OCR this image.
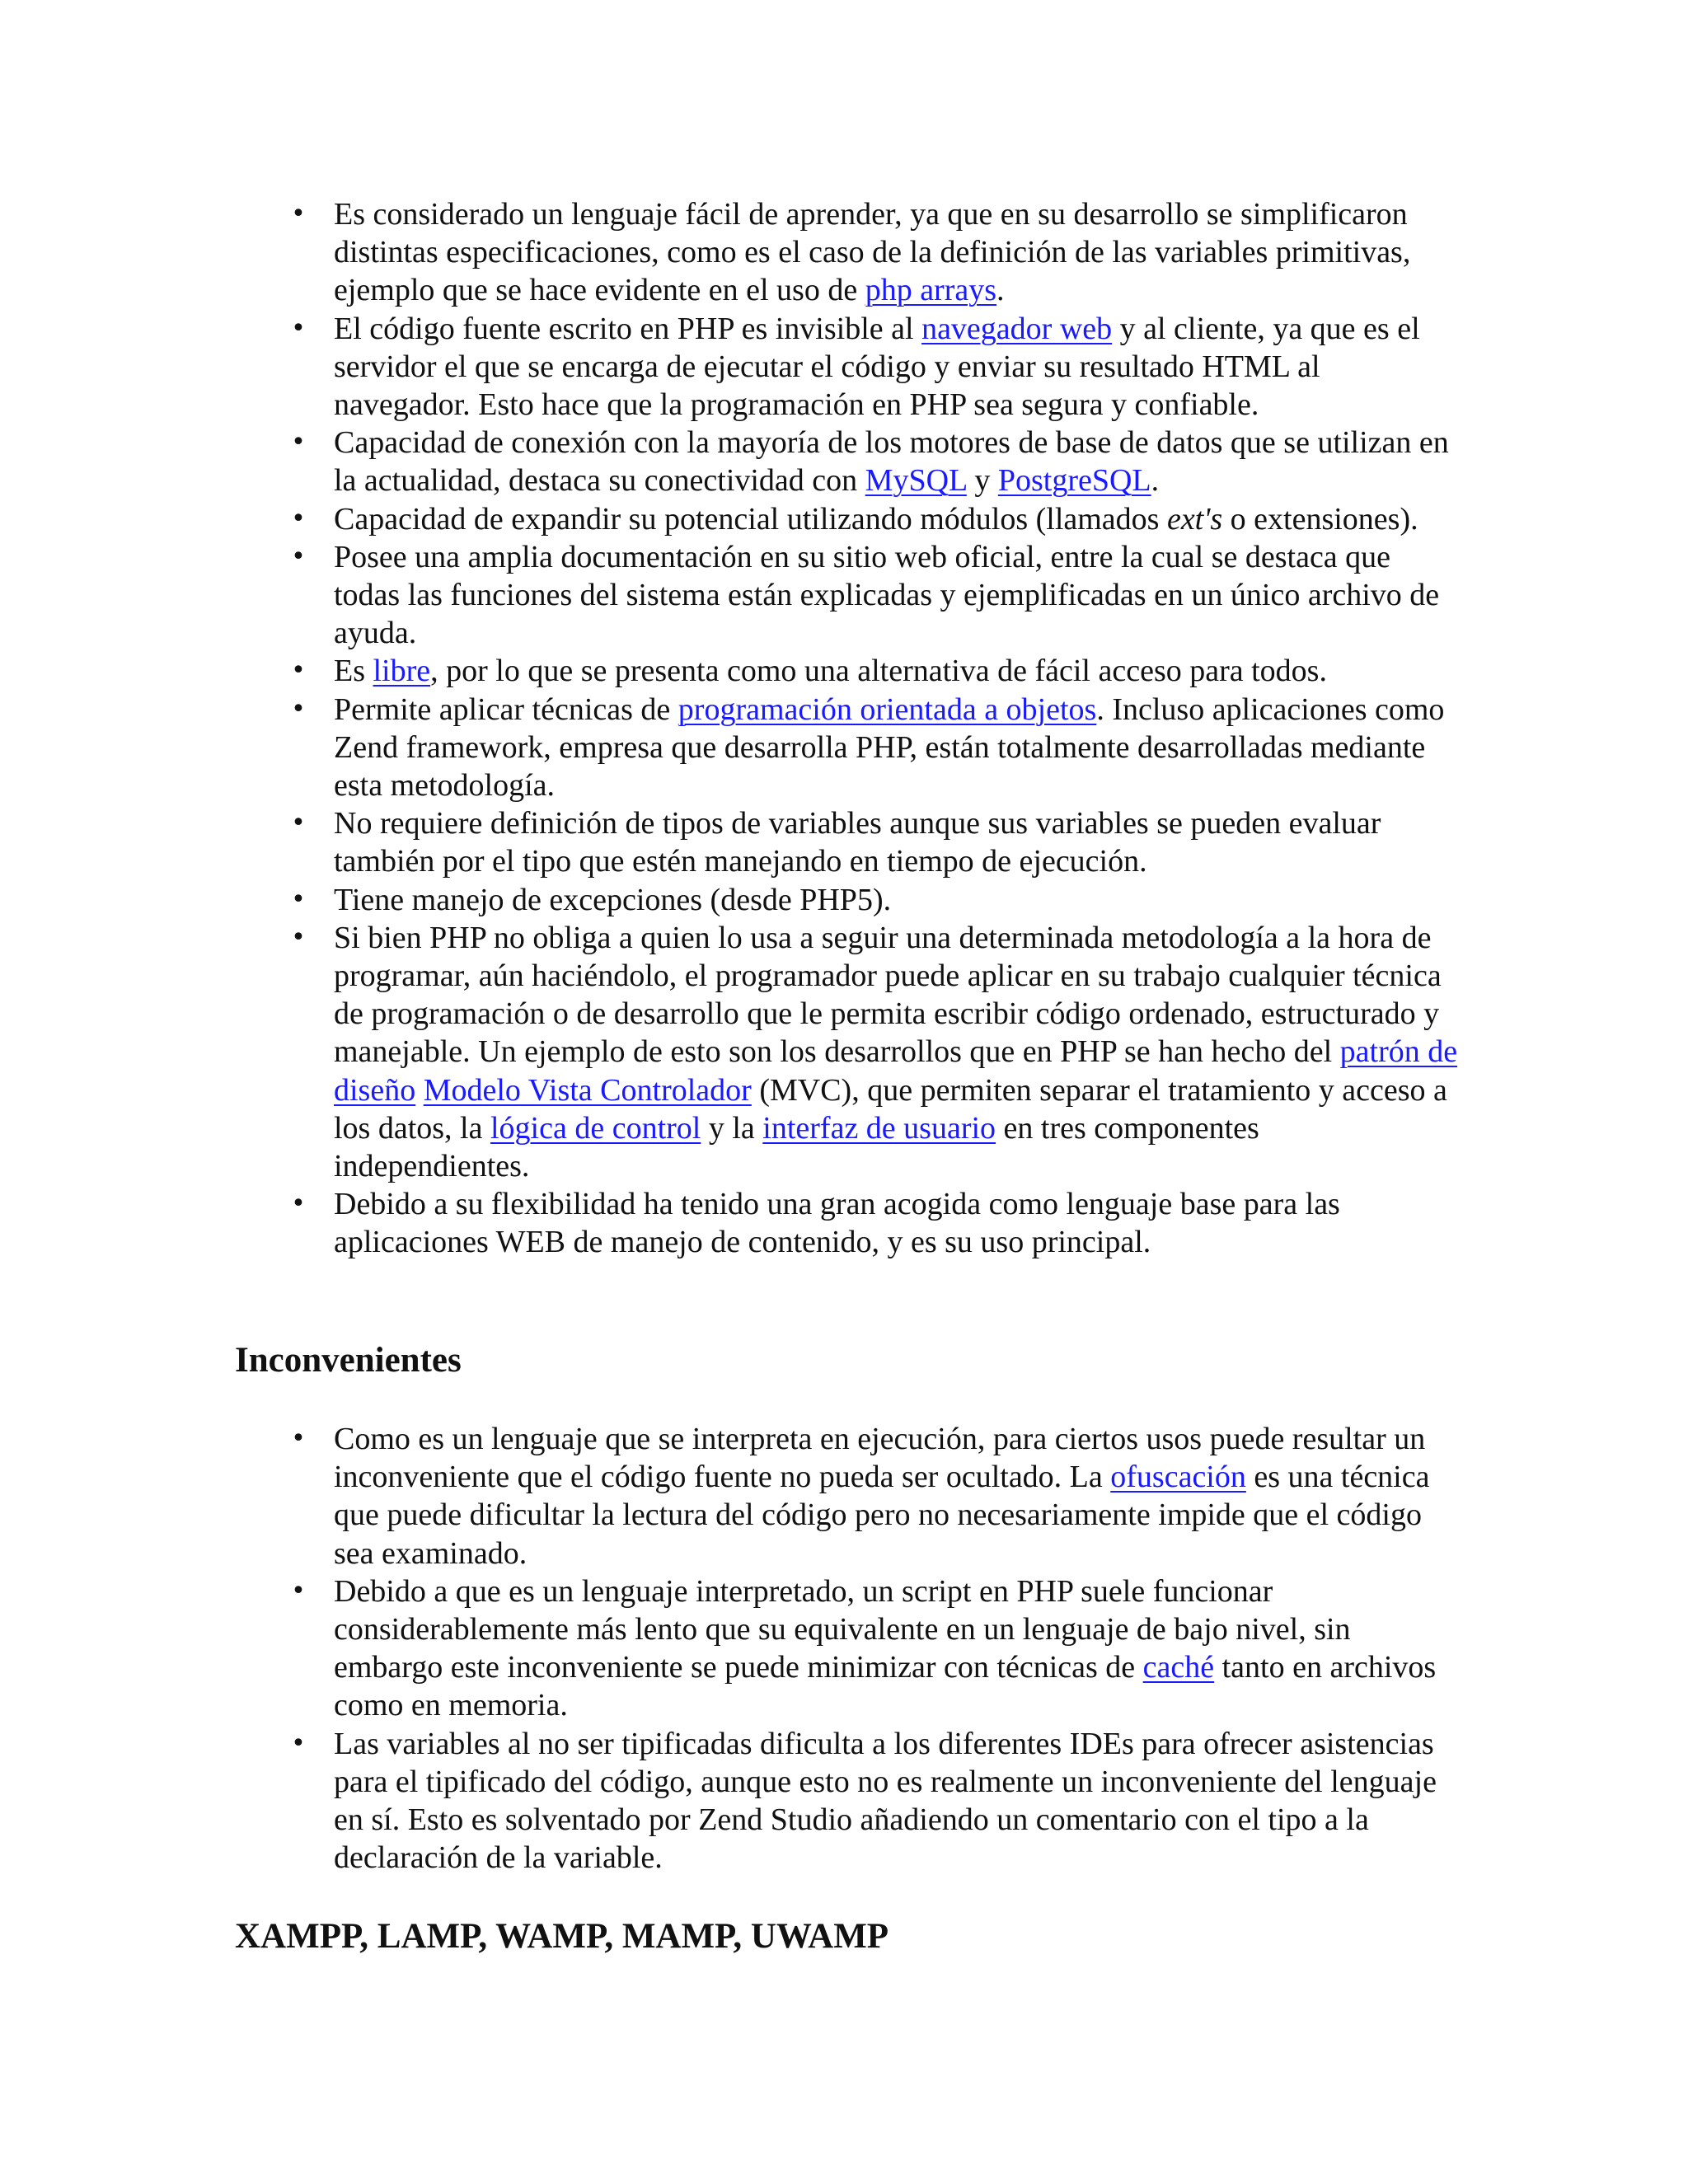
• Es considerado un lenguaje fácil de aprender, ya que en su desarrollo se simplificaron distintas especificaciones, como es el caso de la definición de las variables primitivas, ejemplo que se hace evidente en el uso de php arrays.
• El código fuente escrito en PHP es invisible al navegador web y al cliente, ya que es el servidor el que se encarga de ejecutar el código y enviar su resultado HTML al navegador. Esto hace que la programación en PHP sea segura y confiable.
• Capacidad de conexión con la mayoría de los motores de base de datos que se utilizan en la actualidad, destaca su conectividad con MySQL y PostgreSQL.
• Capacidad de expandir su potencial utilizando módulos (llamados ext's o extensiones).
• Posee una amplia documentación en su sitio web oficial, entre la cual se destaca que todas las funciones del sistema están explicadas y ejemplificadas en un único archivo de ayuda.
• Es libre, por lo que se presenta como una alternativa de fácil acceso para todos.
• Permite aplicar técnicas de programación orientada a objetos. Incluso aplicaciones como Zend framework, empresa que desarrolla PHP, están totalmente desarrolladas mediante esta metodología.
• No requiere definición de tipos de variables aunque sus variables se pueden evaluar también por el tipo que estén manejando en tiempo de ejecución.
• Tiene manejo de excepciones (desde PHP5).
• Si bien PHP no obliga a quien lo usa a seguir una determinada metodología a la hora de programar, aún haciéndolo, el programador puede aplicar en su trabajo cualquier técnica de programación o de desarrollo que le permita escribir código ordenado, estructurado y manejable. Un ejemplo de esto son los desarrollos que en PHP se han hecho del patrón de diseño Modelo Vista Controlador (MVC), que permiten separar el tratamiento y acceso a los datos, la lógica de control y la interfaz de usuario en tres componentes independientes.
• Debido a su flexibilidad ha tenido una gran acogida como lenguaje base para las aplicaciones WEB de manejo de contenido, y es su uso principal.
Inconvenientes
• Como es un lenguaje que se interpreta en ejecución, para ciertos usos puede resultar un inconveniente que el código fuente no pueda ser ocultado. La ofuscación es una técnica que puede dificultar la lectura del código pero no necesariamente impide que el código sea examinado.
• Debido a que es un lenguaje interpretado, un script en PHP suele funcionar considerablemente más lento que su equivalente en un lenguaje de bajo nivel, sin embargo este inconveniente se puede minimizar con técnicas de caché tanto en archivos como en memoria.
• Las variables al no ser tipificadas dificulta a los diferentes IDEs para ofrecer asistencias para el tipificado del código, aunque esto no es realmente un inconveniente del lenguaje en sí. Esto es solventado por Zend Studio añadiendo un comentario con el tipo a la declaración de la variable.
XAMPP, LAMP, WAMP, MAMP, UWAMP
